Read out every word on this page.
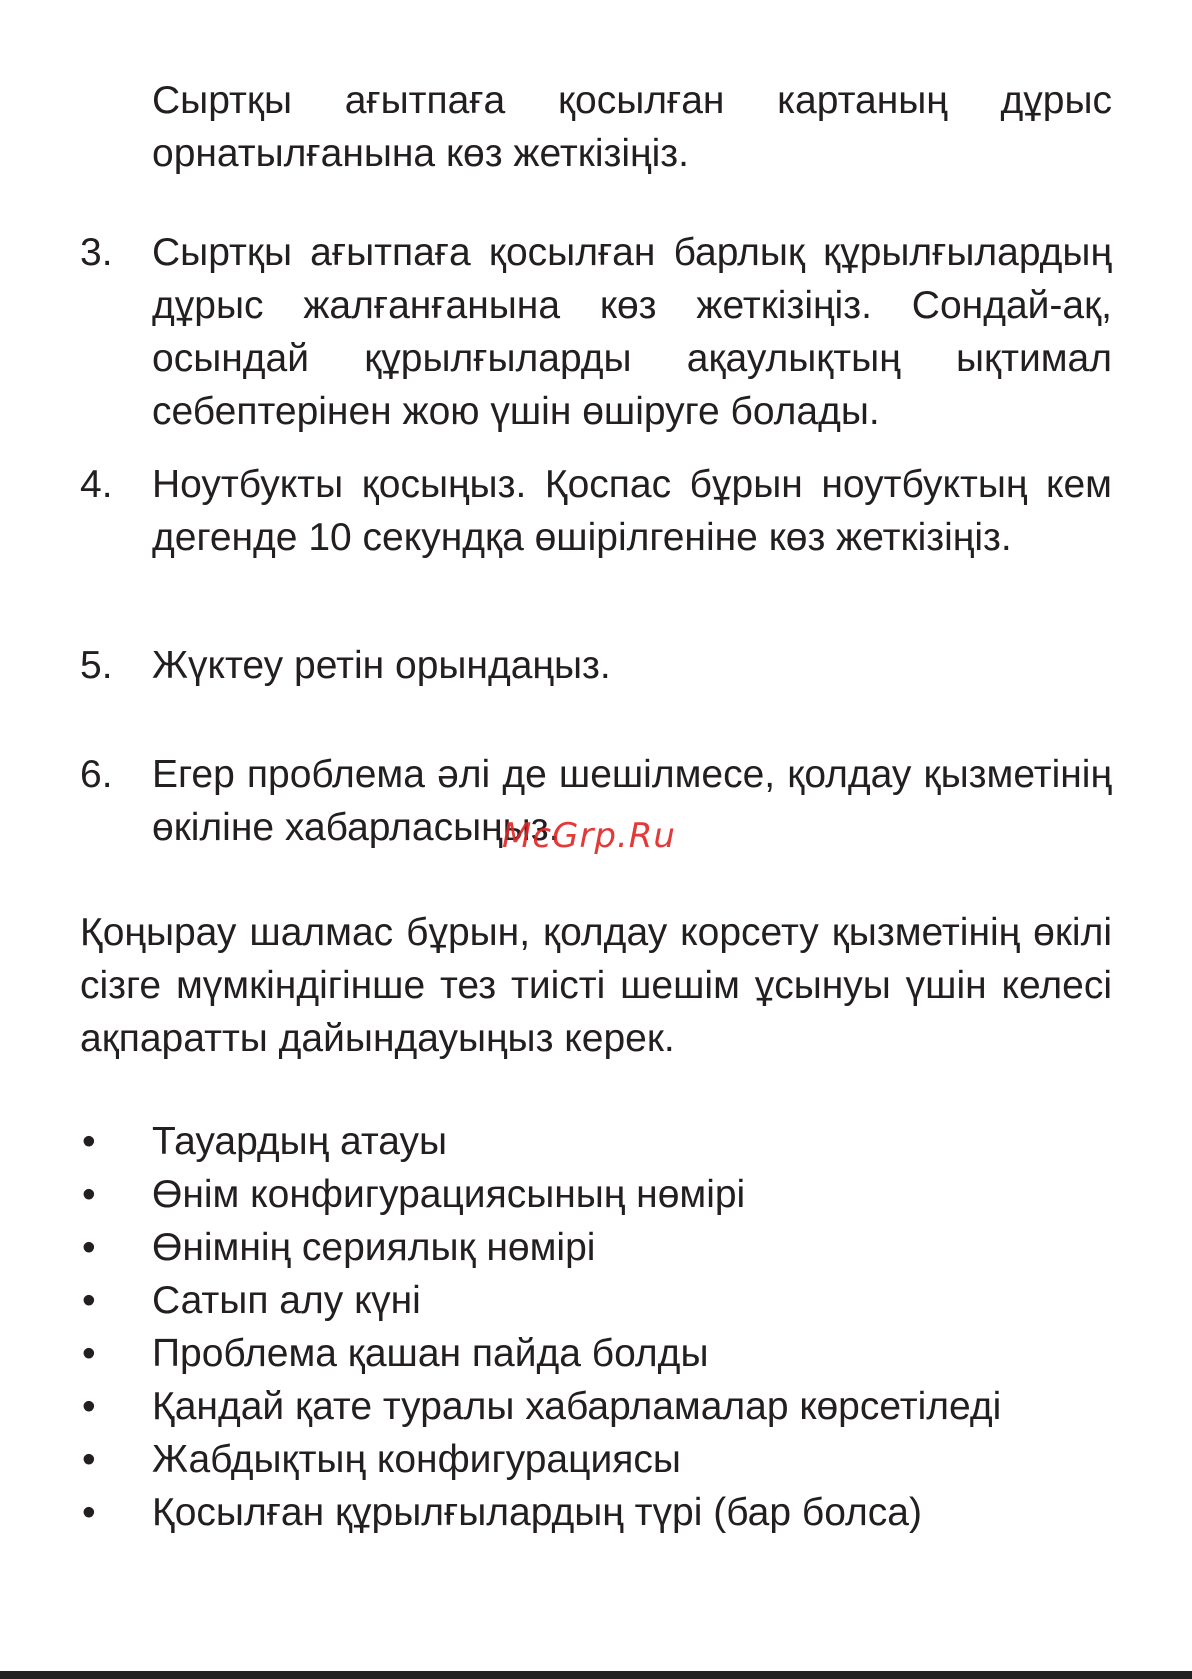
Сыртқы ағытпаға қосылған картаның дұрыс орнатылғанына көз жеткізіңіз.
3. Сыртқы ағытпаға қосылған барлық құрылғылардың дұрыс жалғанғанына көз жеткізіңіз. Сондай-ақ, осындай құрылғыларды ақаулықтың ықтимал себептерінен жою үшін өшіруге болады.
4. Ноутбукты қосыңыз. Қоспас бұрын ноутбуктың кем дегенде 10 секундқа өшірілгеніне көз жеткізіңіз.
5. Жүктеу ретін орындаңыз.
6. Егер проблема әлі де шешілмесе, қолдау қызметінің өкіліне хабарласыңыз.
Қоңырау шалмас бұрын, қолдау корсету қызметінің өкілі сізге мүмкіндігінше тез тиісті шешім ұсынуы үшін келесі ақпаратты дайындауыңыз керек.
• Тауардың атауы
• Өнім конфигурациясының нөмірі
• Өнімнің сериялық нөмірі
• Сатып алу күні
• Проблема қашан пайда болды
• Қандай қате туралы хабарламалар көрсетіледі
• Жабдықтың конфигурациясы
• Қосылған құрылғылардың түрі (бар болса)
McGrp.Ru
